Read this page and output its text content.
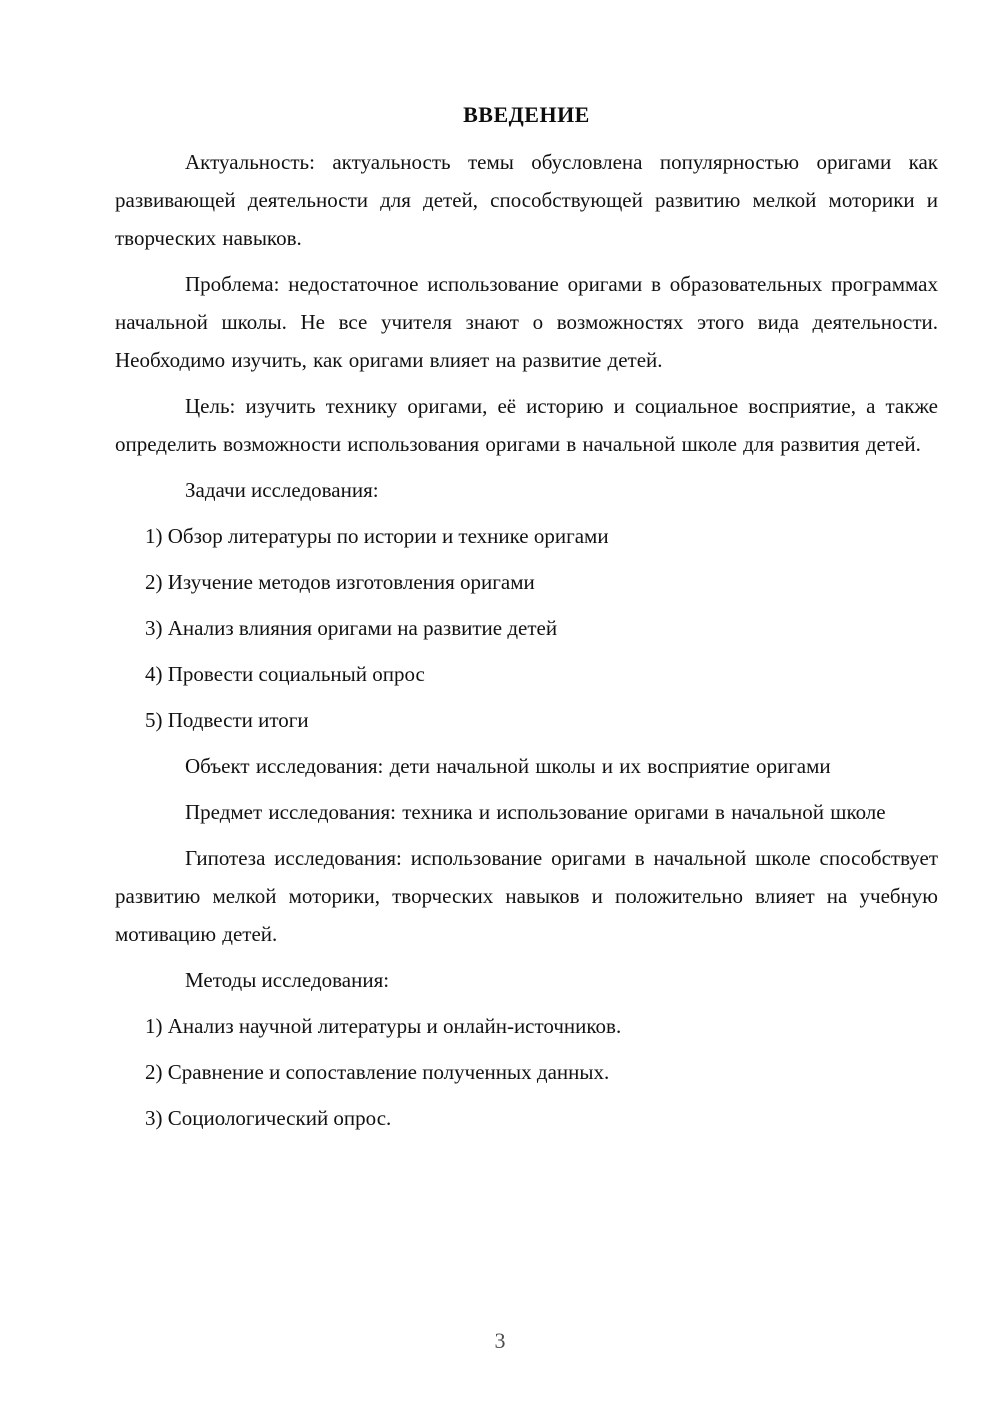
ВВЕДЕНИЕ

Актуальность: актуальность темы обусловлена популярностью оригами как развивающей деятельности для детей, способствующей развитию мелкой моторики и творческих навыков.

Проблема: недостаточное использование оригами в образовательных программах начальной школы. Не все учителя знают о возможностях этого вида деятельности. Необходимо изучить, как оригами влияет на развитие детей.

Цель: изучить технику оригами, её историю и социальное восприятие, а также определить возможности использования оригами в начальной школе для развития детей.

Задачи исследования:

1) Обзор литературы по истории и технике оригами

2) Изучение методов изготовления оригами

3) Анализ влияния оригами на развитие детей

4) Провести социальный опрос

5) Подвести итоги

Объект исследования: дети начальной школы и их восприятие оригами

Предмет исследования: техника и использование оригами в начальной школе

Гипотеза исследования: использование оригами в начальной школе способствует развитию мелкой моторики, творческих навыков и положительно влияет на учебную мотивацию детей.

Методы исследования:

1) Анализ научной литературы и онлайн-источников.

2) Сравнение и сопоставление полученных данных.

3) Социологический опрос.

3
